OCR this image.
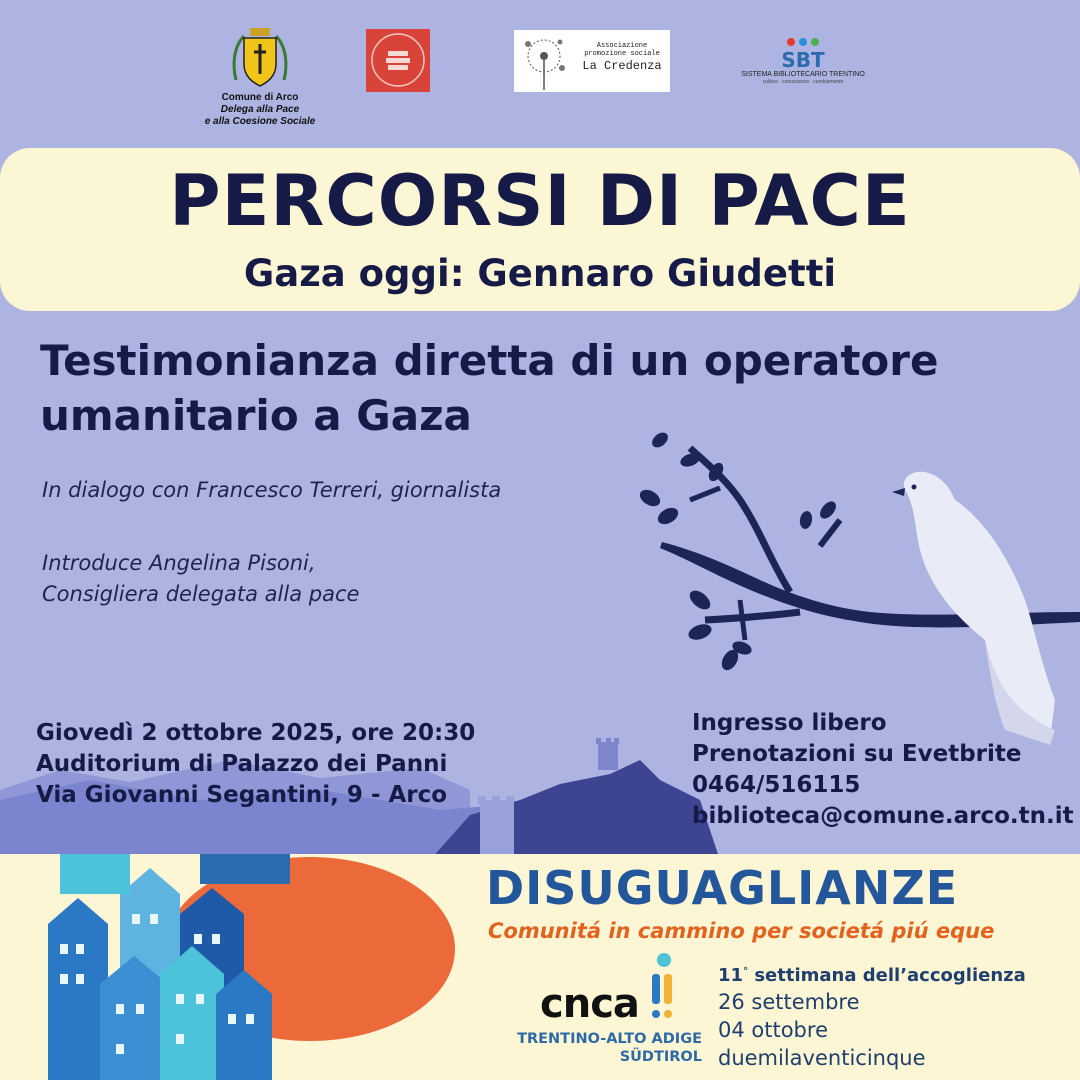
Comune di Arco
Delega alla Pace
e alla Coesione Sociale
Associazione
promozione sociale
La Credenza	SBT
SISTEMA BIBLIOTECARIO TRENTINO
cultura · conoscenza · cambiamento
PERCORSI DI PACE
Gaza oggi: Gennaro Giudetti
Testimonianza diretta di un operatore
umanitario a Gaza
In dialogo con Francesco Terreri, giornalista
Introduce Angelina Pisoni,
Consigliera delegata alla pace
Giovedì 2 ottobre 2025, ore 20:30
Auditorium di Palazzo dei Panni
Via Giovanni Segantini, 9 - Arco
Ingresso libero
Prenotazioni su Evetbrite
0464/516115
biblioteca@comune.arco.tn.it
DISUGUAGLIANZE
Comunitá in cammino per societá piú eque
cnca
TRENTINO-ALTO ADIGE
SÜDTIROL
11° settimana dell’accoglienza
26 settembre
04 ottobre
duemilaventicinque
